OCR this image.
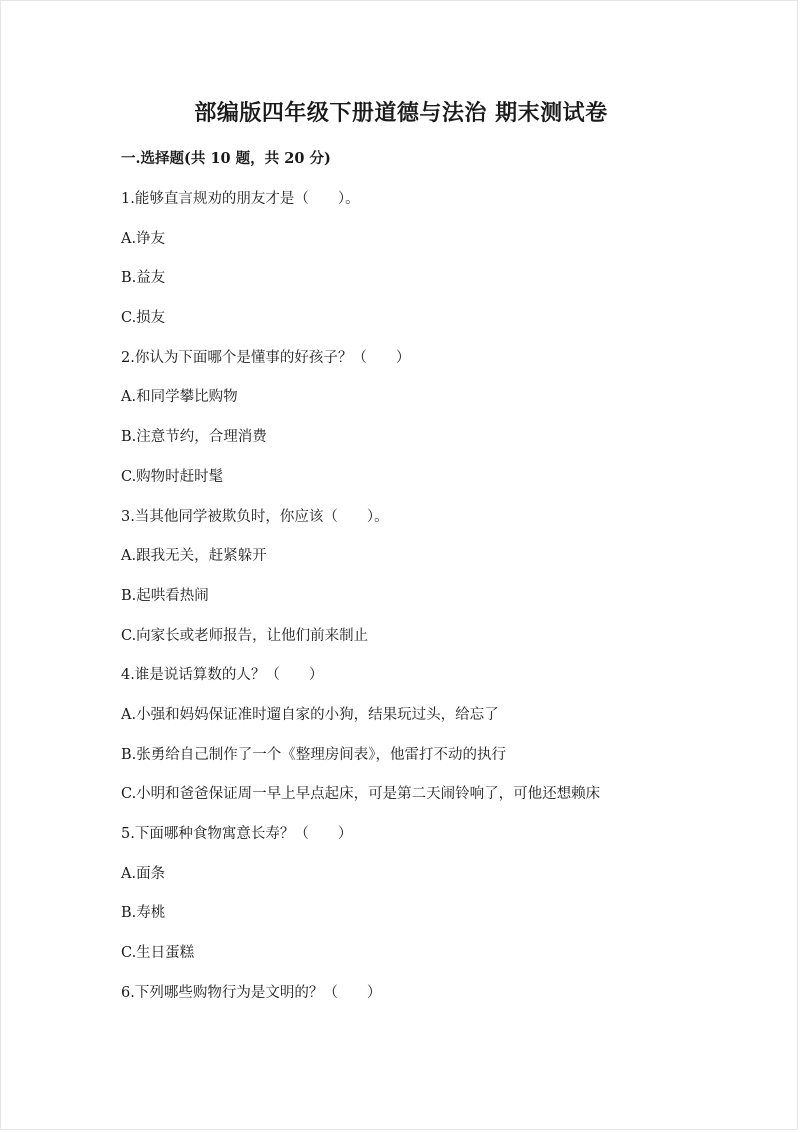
部编版四年级下册道德与法治 期末测试卷
一.选择题(共 10 题，共 20 分)
1.能够直言规劝的朋友才是（　　）。
A.诤友
B.益友
C.损友
2.你认为下面哪个是懂事的好孩子？（　　）
A.和同学攀比购物
B.注意节约，合理消费
C.购物时赶时髦
3.当其他同学被欺负时，你应该（　　）。
A.跟我无关，赶紧躲开
B.起哄看热闹
C.向家长或老师报告，让他们前来制止
4.谁是说话算数的人？（　　）
A.小强和妈妈保证准时遛自家的小狗，结果玩过头，给忘了
B.张勇给自己制作了一个《整理房间表》，他雷打不动的执行
C.小明和爸爸保证周一早上早点起床，可是第二天闹铃响了，可他还想赖床
5.下面哪种食物寓意长寿？（　　）
A.面条
B.寿桃
C.生日蛋糕
6.下列哪些购物行为是文明的？（　　）
